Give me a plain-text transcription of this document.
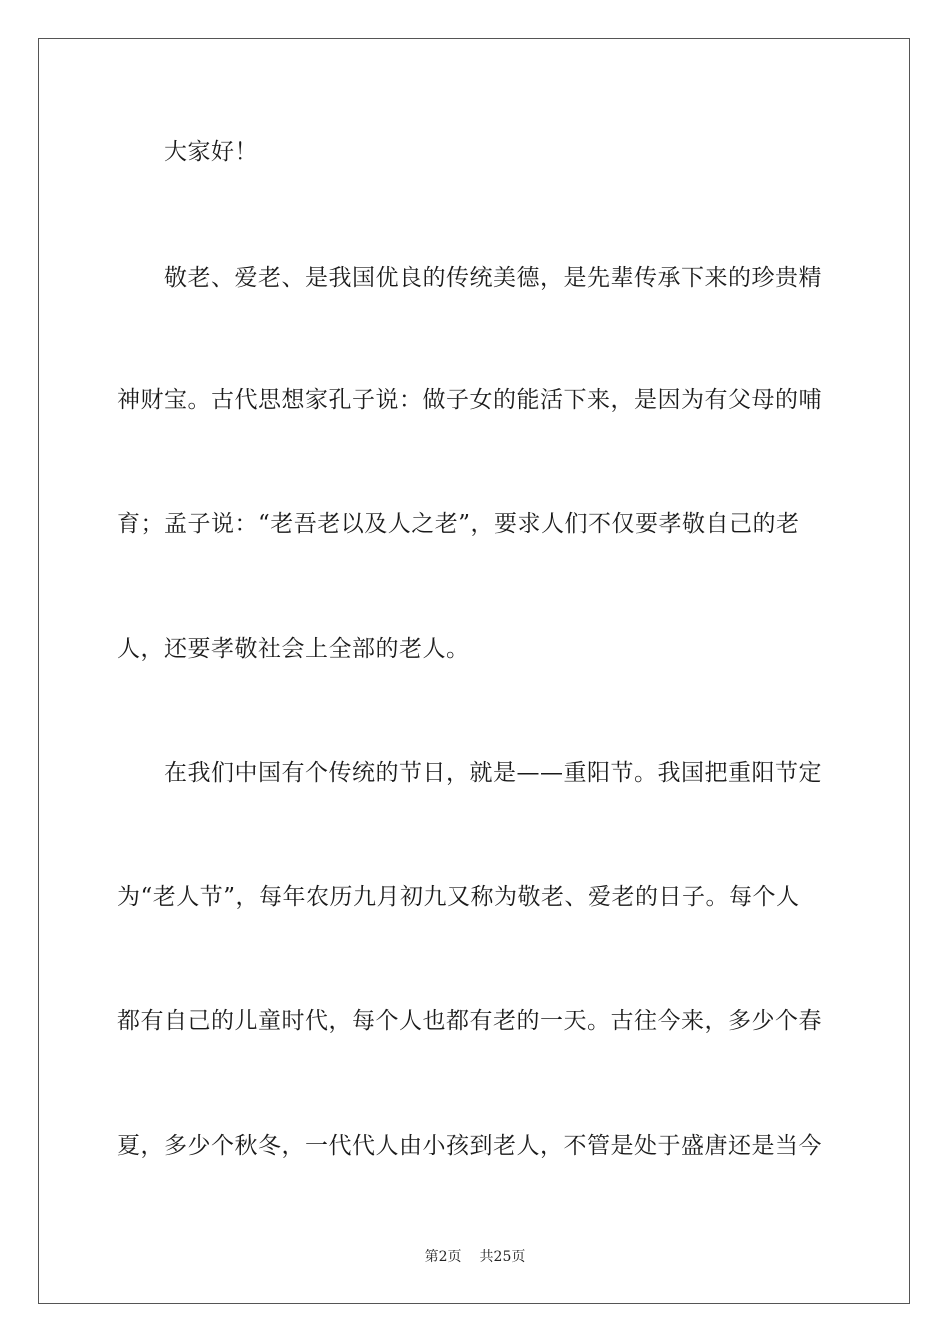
大家好！
敬老、爱老、是我国优良的传统美德，是先辈传承下来的珍贵精
神财宝。古代思想家孔子说：做子女的能活下来，是因为有父母的哺
育；孟子说：“老吾老以及人之老”，要求人们不仅要孝敬自己的老
人，还要孝敬社会上全部的老人。
在我们中国有个传统的节日，就是——重阳节。我国把重阳节定
为“老人节”，每年农历九月初九又称为敬老、爱老的日子。每个人
都有自己的儿童时代，每个人也都有老的一天。古往今来，多少个春
夏，多少个秋冬，一代代人由小孩到老人，不管是处于盛唐还是当今
第2页 共25页
